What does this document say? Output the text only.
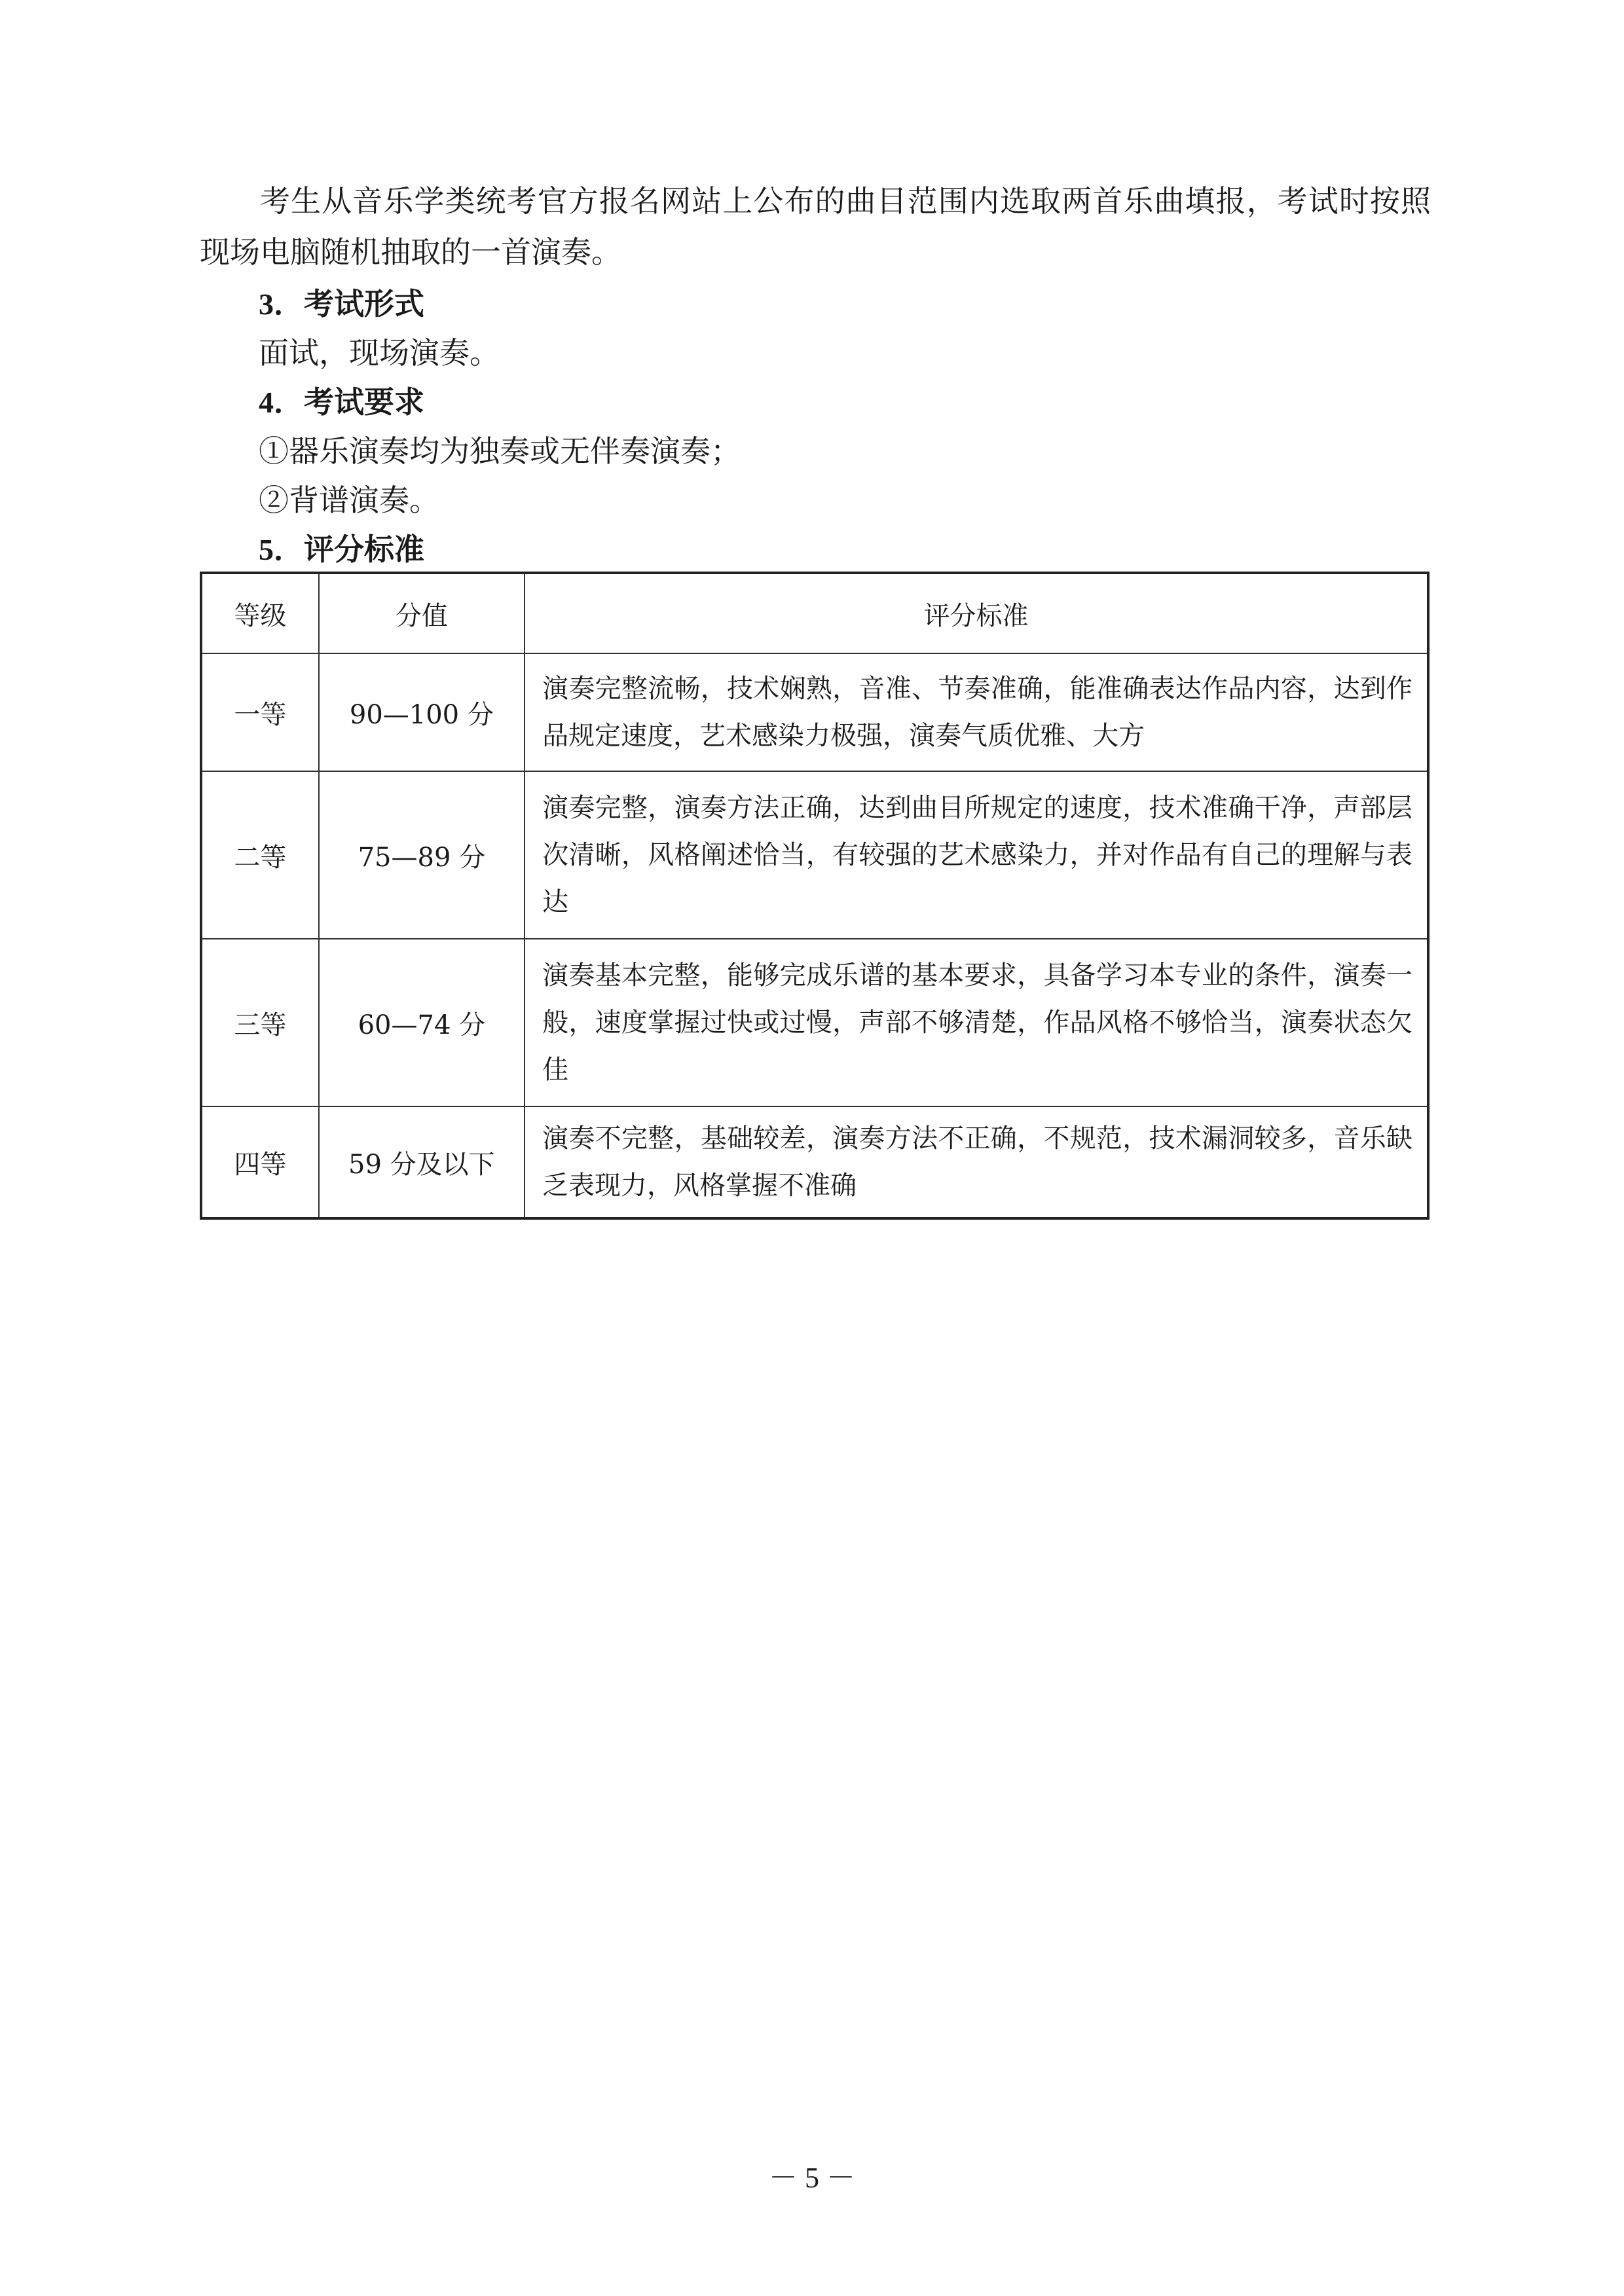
考生从音乐学类统考官方报名网站上公布的曲目范围内选取两首乐曲填报，考试时按照现场电脑随机抽取的一首演奏。

3．考试形式

面试，现场演奏。

4．考试要求

①器乐演奏均为独奏或无伴奏演奏；

②背谱演奏。

5．评分标准

等级	分值	评分标准
一等	90—100 分	演奏完整流畅，技术娴熟，音准、节奏准确，能准确表达作品内容，达到作品规定速度，艺术感染力极强，演奏气质优雅、大方
二等	75—89 分	演奏完整，演奏方法正确，达到曲目所规定的速度，技术准确干净，声部层次清晰，风格阐述恰当，有较强的艺术感染力，并对作品有自己的理解与表达
三等	60—74 分	演奏基本完整，能够完成乐谱的基本要求，具备学习本专业的条件，演奏一般，速度掌握过快或过慢，声部不够清楚，作品风格不够恰当，演奏状态欠佳
四等	59 分及以下	演奏不完整，基础较差，演奏方法不正确，不规范，技术漏洞较多，音乐缺乏表现力，风格掌握不准确
－ 5 －
